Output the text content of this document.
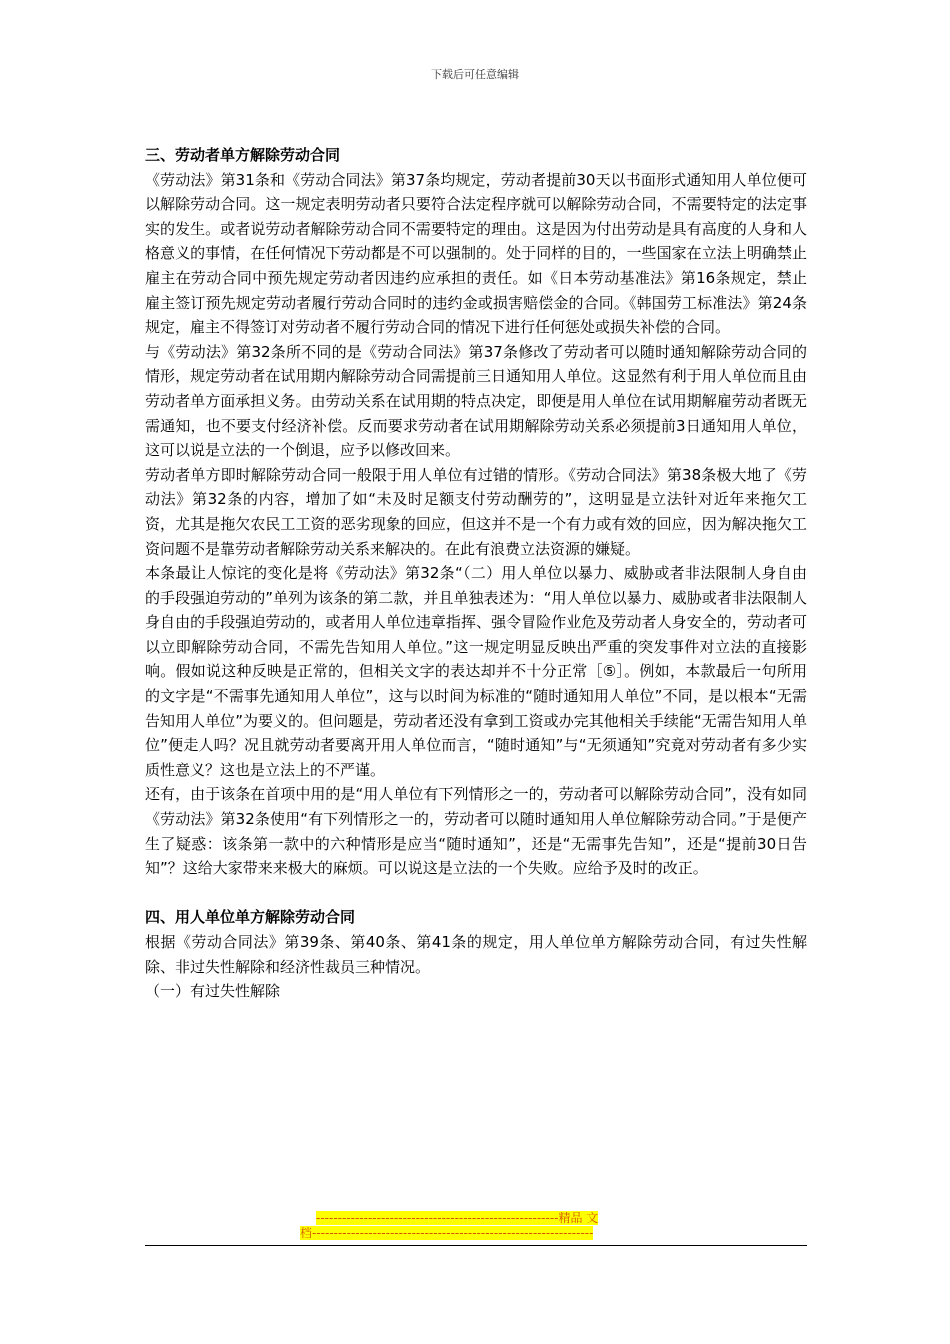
下载后可任意编辑
三、劳动者单方解除劳动合同

《劳动法》第31条和《劳动合同法》第37条均规定，劳动者提前30天以书面形式通知用人单位便可以解除劳动合同。这一规定表明劳动者只要符合法定程序就可以解除劳动合同，不需要特定的法定事实的发生。或者说劳动者解除劳动合同不需要特定的理由。这是因为付出劳动是具有高度的人身和人格意义的事情，在任何情况下劳动都是不可以强制的。处于同样的目的，一些国家在立法上明确禁止雇主在劳动合同中预先规定劳动者因违约应承担的责任。如《日本劳动基准法》第16条规定，禁止雇主签订预先规定劳动者履行劳动合同时的违约金或损害赔偿金的合同。《韩国劳工标准法》第24条规定，雇主不得签订对劳动者不履行劳动合同的情况下进行任何惩处或损失补偿的合同。

与《劳动法》第32条所不同的是《劳动合同法》第37条修改了劳动者可以随时通知解除劳动合同的情形，规定劳动者在试用期内解除劳动合同需提前三日通知用人单位。这显然有利于用人单位而且由劳动者单方面承担义务。由劳动关系在试用期的特点决定，即便是用人单位在试用期解雇劳动者既无需通知，也不要支付经济补偿。反而要求劳动者在试用期解除劳动关系必须提前3日通知用人单位，这可以说是立法的一个倒退，应予以修改回来。

劳动者单方即时解除劳动合同一般限于用人单位有过错的情形。《劳动合同法》第38条极大地了《劳动法》第32条的内容，增加了如“未及时足额支付劳动酬劳的”，这明显是立法针对近年来拖欠工资，尤其是拖欠农民工工资的恶劣现象的回应，但这并不是一个有力或有效的回应，因为解决拖欠工资问题不是靠劳动者解除劳动关系来解决的。在此有浪费立法资源的嫌疑。

本条最让人惊诧的变化是将《劳动法》第32条“（二）用人单位以暴力、威胁或者非法限制人身自由的手段强迫劳动的”单列为该条的第二款，并且单独表述为：“用人单位以暴力、威胁或者非法限制人身自由的手段强迫劳动的，或者用人单位违章指挥、强令冒险作业危及劳动者人身安全的，劳动者可以立即解除劳动合同，不需先告知用人单位。”这一规定明显反映出严重的突发事件对立法的直接影响。假如说这种反映是正常的，但相关文字的表达却并不十分正常［⑤］。例如，本款最后一句所用的文字是“不需事先通知用人单位”，这与以时间为标准的“随时通知用人单位”不同，是以根本“无需告知用人单位”为要义的。但问题是，劳动者还没有拿到工资或办完其他相关手续能“无需告知用人单位”便走人吗？况且就劳动者要离开用人单位而言，“随时通知”与“无须通知”究竟对劳动者有多少实质性意义？这也是立法上的不严谨。

还有，由于该条在首项中用的是“用人单位有下列情形之一的，劳动者可以解除劳动合同”，没有如同《劳动法》第32条使用“有下列情形之一的，劳动者可以随时通知用人单位解除劳动合同。”于是便产生了疑惑：该条第一款中的六种情形是应当“随时通知”，还是“无需事先告知”，还是“提前30日告知”？这给大家带来来极大的麻烦。可以说这是立法的一个失败。应给予及时的改正。

四、用人单位单方解除劳动合同

根据《劳动合同法》第39条、第40条、第41条的规定，用人单位单方解除劳动合同，有过失性解除、非过失性解除和经济性裁员三种情况。

（一）有过失性解除

--------------------------------------------------------精品 文
档-----------------------------------------------------------------
